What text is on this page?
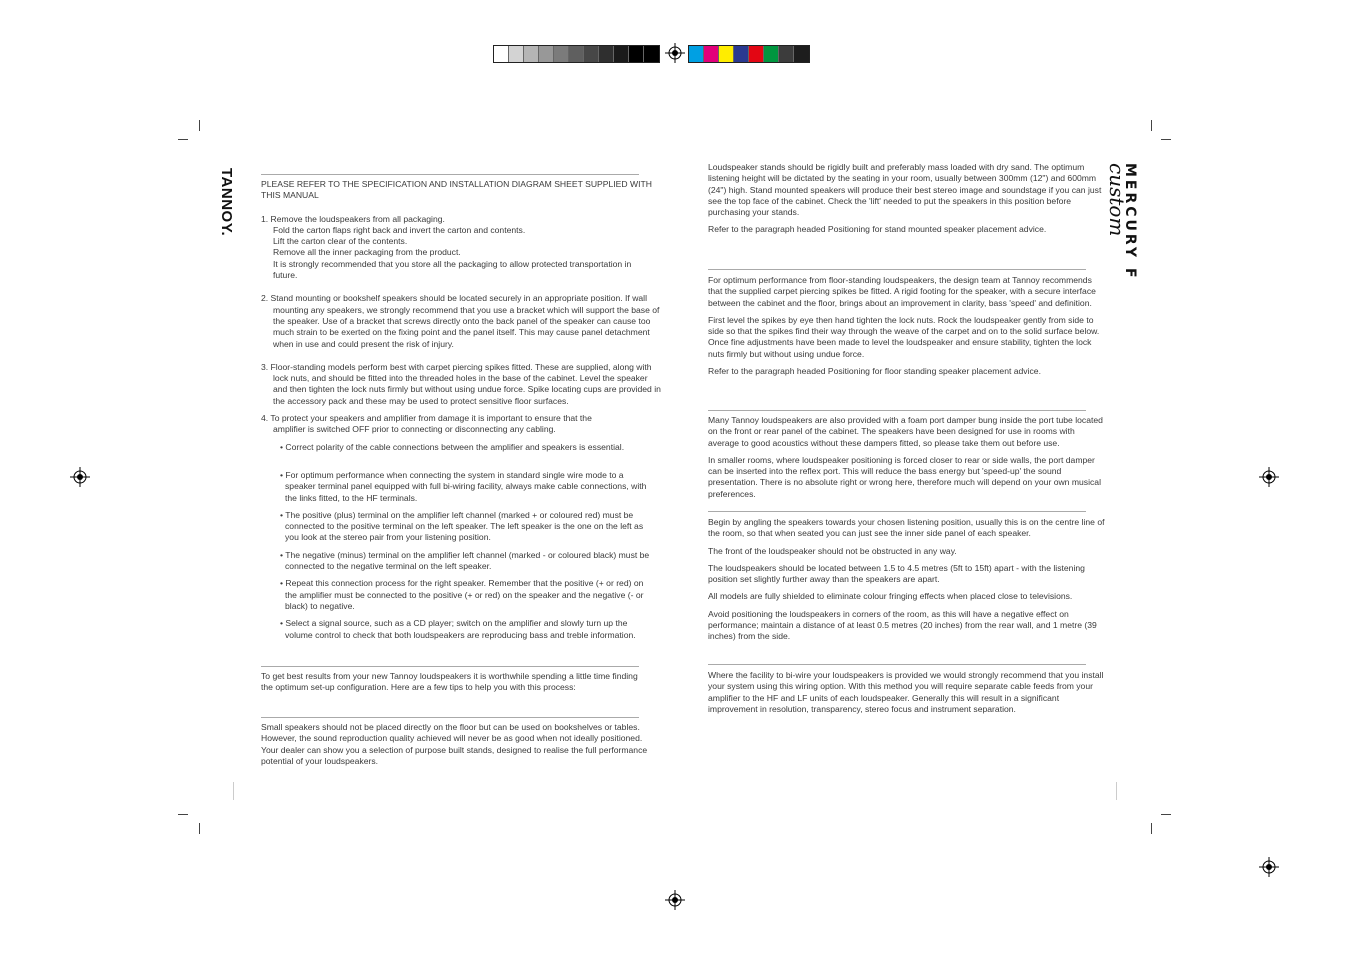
TANNOY.	MERCURY F
custom

PLEASE REFER TO THE SPECIFICATION AND INSTALLATION DIAGRAM SHEET SUPPLIED WITH THIS MANUAL

1. Remove the loudspeakers from all packaging.

Fold the carton flaps right back and invert the carton and contents.

Lift the carton clear of the contents.

Remove all the inner packaging from the product.

It is strongly recommended that you store all the packaging to allow protected transportation in future.

2. Stand mounting or bookshelf speakers should be located securely in an appropriate position. If wall mounting any speakers, we strongly recommend that you use a bracket which will support the base of the speaker. Use of a bracket that screws directly onto the back panel of the speaker can cause too much strain to be exerted on the fixing point and the panel itself. This may cause panel detachment when in use and could present the risk of injury.

3. Floor-standing models perform best with carpet piercing spikes fitted. These are supplied, along with lock nuts, and should be fitted into the threaded holes in the base of the cabinet. Level the speaker and then tighten the lock nuts firmly but without using undue force. Spike locating cups are provided in the accessory pack and these may be used to protect sensitive floor surfaces.

4. To protect your speakers and amplifier from damage it is important to ensure that the amplifier is switched OFF prior to connecting or disconnecting any cabling.

• Correct polarity of the cable connections between the amplifier and speakers is essential.

• For optimum performance when connecting the system in standard single wire mode to a speaker terminal panel equipped with full bi-wiring facility, always make cable connections, with the links fitted, to the HF terminals.

• The positive (plus) terminal on the amplifier left channel (marked + or coloured red) must be connected to the positive terminal on the left speaker. The left speaker is the one on the left as you look at the stereo pair from your listening position.

• The negative (minus) terminal on the amplifier left channel (marked - or coloured black) must be connected to the negative terminal on the left speaker.

• Repeat this connection process for the right speaker. Remember that the positive (+ or red) on the amplifier must be connected to the positive (+ or red) on the speaker and the negative (- or black) to negative.

• Select a signal source, such as a CD player; switch on the amplifier and slowly turn up the volume control to check that both loudspeakers are reproducing bass and treble information.

To get best results from your new Tannoy loudspeakers it is worthwhile spending a little time finding the optimum set-up configuration. Here are a few tips to help you with this process:

Small speakers should not be placed directly on the floor but can be used on bookshelves or tables. However, the sound reproduction quality achieved will never be as good when not ideally positioned. Your dealer can show you a selection of purpose built stands, designed to realise the full performance potential of your loudspeakers.

Loudspeaker stands should be rigidly built and preferably mass loaded with dry sand. The optimum listening height will be dictated by the seating in your room, usually between 300mm (12") and 600mm (24") high. Stand mounted speakers will produce their best stereo image and soundstage if you can just see the top face of the cabinet. Check the 'lift' needed to put the speakers in this position before purchasing your stands.

Refer to the paragraph headed Positioning for stand mounted speaker placement advice.

For optimum performance from floor-standing loudspeakers, the design team at Tannoy recommends that the supplied carpet piercing spikes be fitted. A rigid footing for the speaker, with a secure interface between the cabinet and the floor, brings about an improvement in clarity, bass 'speed' and definition.

First level the spikes by eye then hand tighten the lock nuts. Rock the loudspeaker gently from side to side so that the spikes find their way through the weave of the carpet and on to the solid surface below. Once fine adjustments have been made to level the loudspeaker and ensure stability, tighten the lock nuts firmly but without using undue force.

Refer to the paragraph headed Positioning for floor standing speaker placement advice.

Many Tannoy loudspeakers are also provided with a foam port damper bung inside the port tube located on the front or rear panel of the cabinet. The speakers have been designed for use in rooms with average to good acoustics without these dampers fitted, so please take them out before use.

In smaller rooms, where loudspeaker positioning is forced closer to rear or side walls, the port damper can be inserted into the reflex port. This will reduce the bass energy but 'speed-up' the sound presentation. There is no absolute right or wrong here, therefore much will depend on your own musical preferences.

Begin by angling the speakers towards your chosen listening position, usually this is on the centre line of the room, so that when seated you can just see the inner side panel of each speaker.

The front of the loudspeaker should not be obstructed in any way.

The loudspeakers should be located between 1.5 to 4.5 metres (5ft to 15ft) apart - with the listening position set slightly further away than the speakers are apart.

All models are fully shielded to eliminate colour fringing effects when placed close to televisions.

Avoid positioning the loudspeakers in corners of the room, as this will have a negative effect on performance; maintain a distance of at least 0.5 metres (20 inches) from the rear wall, and 1 metre (39 inches) from the side.

Where the facility to bi-wire your loudspeakers is provided we would strongly recommend that you install your system using this wiring option. With this method you will require separate cable feeds from your amplifier to the HF and LF units of each loudspeaker. Generally this will result in a significant improvement in resolution, transparency, stereo focus and instrument separation.
